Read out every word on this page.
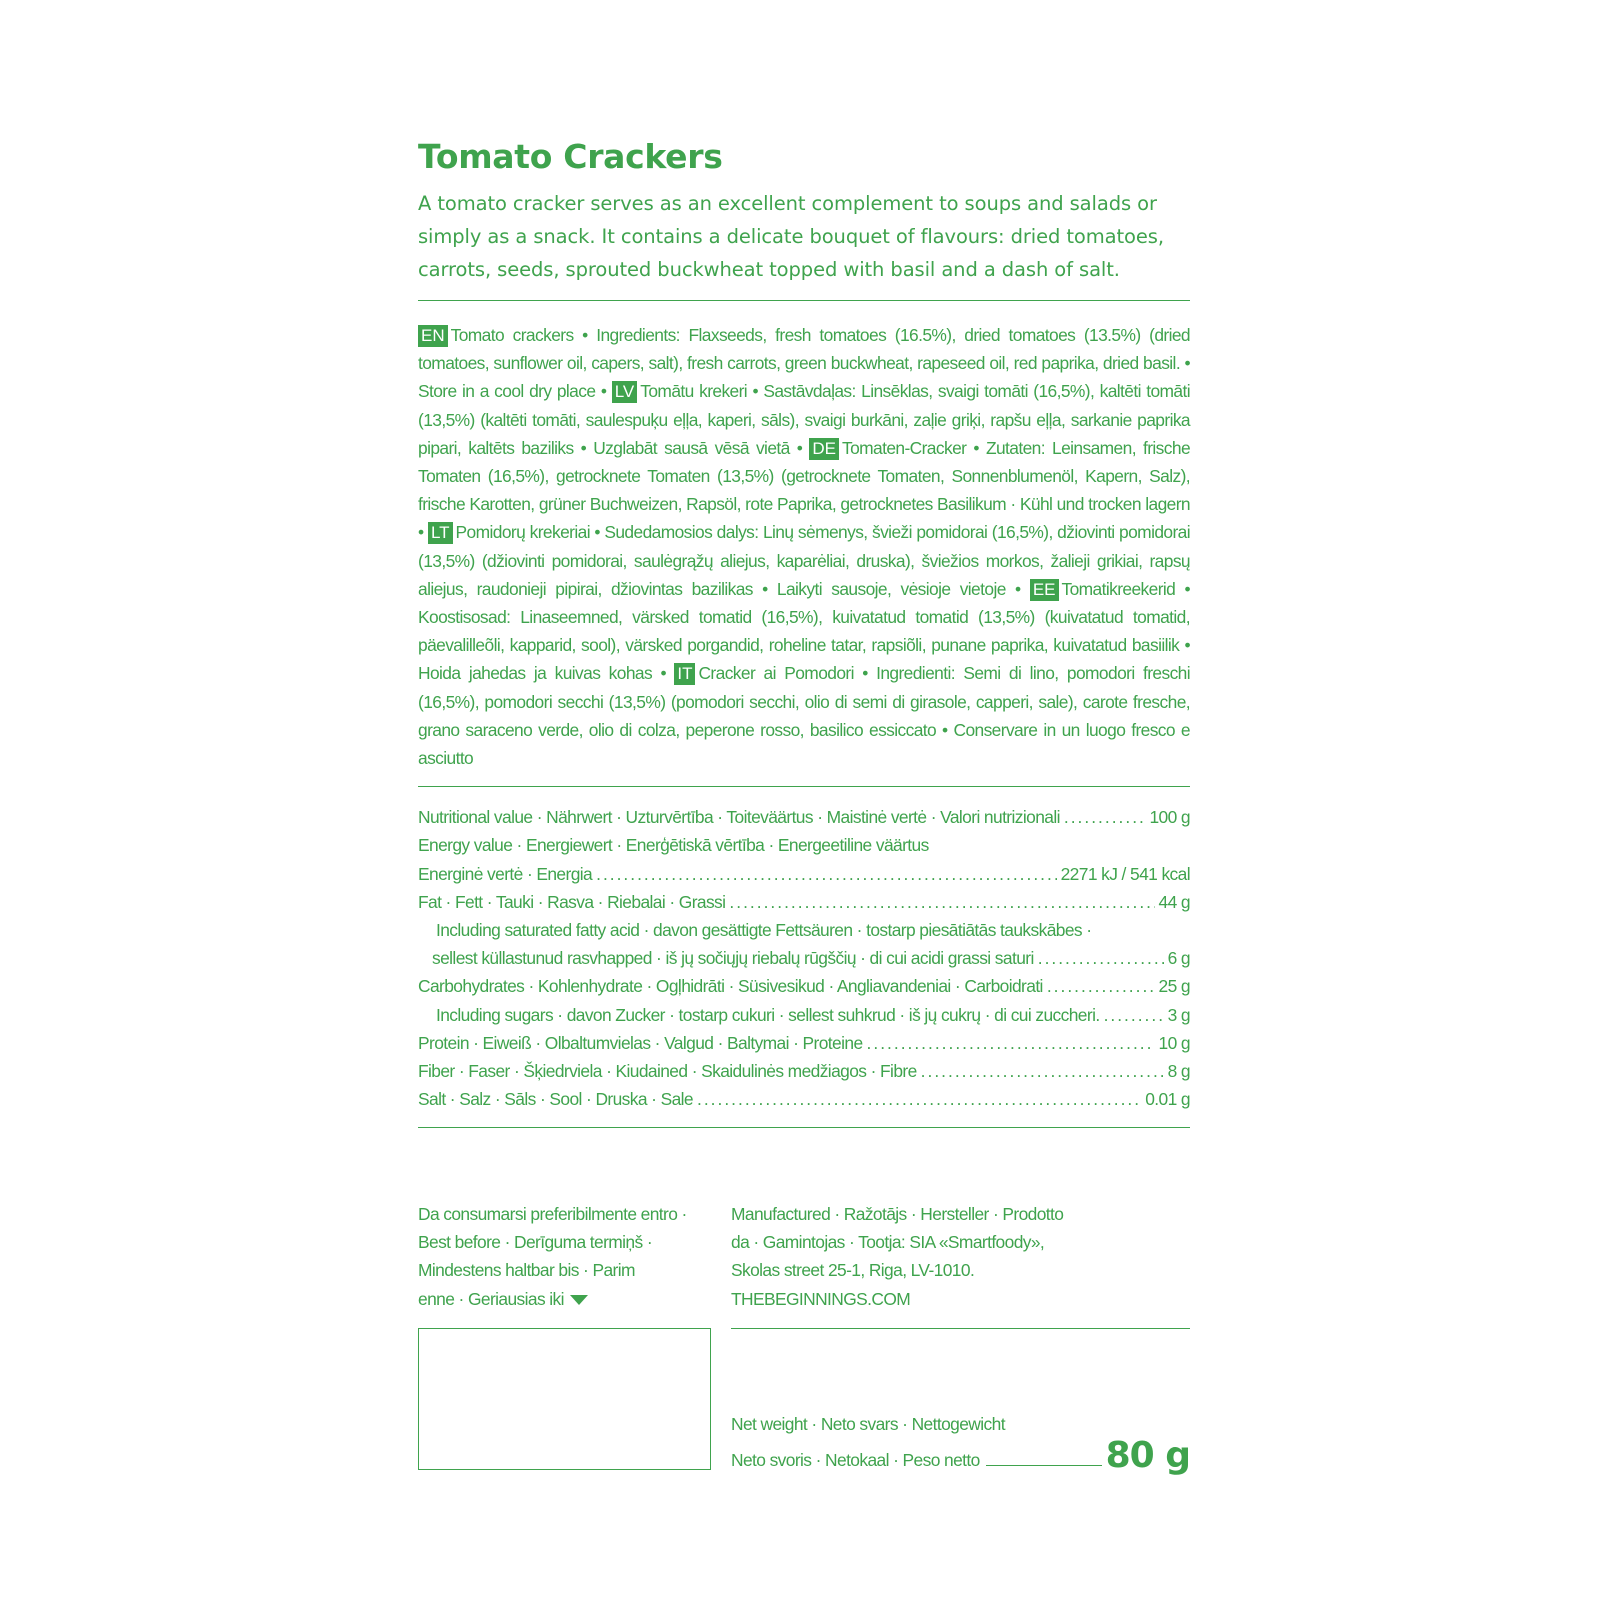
Tomato Crackers

A tomato cracker serves as an excellent complement to soups and salads or simply as a snack. It contains a delicate bouquet of flavours: dried tomatoes, carrots, seeds, sprouted buckwheat topped with basil and a dash of salt.

EN Tomato crackers • Ingredients: Flaxseeds, fresh tomatoes (16.5%), dried tomatoes (13.5%) (dried tomatoes, sunflower oil, capers, salt), fresh carrots, green buckwheat, rapeseed oil, red paprika, dried basil. • Store in a cool dry place • LV Tomātu krekeri • Sastāvdaļas: Linsēklas, svaigi tomāti (16,5%), kaltēti tomāti (13,5%) (kaltēti tomāti, saulespuķu eļļa, kaperi, sāls), svaigi burkāni, zaļie griķi, rapšu eļļa, sarkanie paprika pipari, kaltēts baziliks • Uzglabāt sausā vēsā vietā • DE Tomaten-Cracker • Zutaten: Leinsamen, frische Tomaten (16,5%), getrocknete Tomaten (13,5%) (getrocknete Tomaten, Sonnenblumenöl, Kapern, Salz), frische Karotten, grüner Buchweizen, Rapsöl, rote Paprika, getrocknetes Basilikum · Kühl und trocken lagern • LT Pomidorų krekeriai • Sudedamosios dalys: Linų sėmenys, švieži pomidorai (16,5%), džiovinti pomidorai (13,5%) (džiovinti pomidorai, saulėgrąžų aliejus, kaparėliai, druska), šviežios morkos, žalieji grikiai, rapsų aliejus, raudonieji pipirai, džiovintas bazilikas • Laikyti sausoje, vėsioje vietoje • EE Tomatikreekerid • Koostisosad: Linaseemned, värsked tomatid (16,5%), kuivatatud tomatid (13,5%) (kuivatatud tomatid, päevalilleõli, kapparid, sool), värsked porgandid, roheline tatar, rapsiõli, punane paprika, kuivatatud basiilik • Hoida jahedas ja kuivas kohas • IT Cracker ai Pomodori • Ingredienti: Semi di lino, pomodori freschi (16,5%), pomodori secchi (13,5%) (pomodori secchi, olio di semi di girasole, capperi, sale), carote fresche, grano saraceno verde, olio di colza, peperone rosso, basilico essiccato • Conservare in un luogo fresco e asciutto

Nutritional value · Nährwert · Uzturvērtība · Toiteväärtus · Maistinė vertė · Valori nutrizionali .....	100 g
Energy value · Energiewert · Enerģētiskā vērtība · Energeetiline väärtus
Energinė vertė · Energia .....	2271 kJ / 541 kcal
Fat · Fett · Tauki · Rasva · Riebalai · Grassi .....	44 g
Including saturated fatty acid · davon gesättigte Fettsäuren · tostarp piesātiātās taukskābes ·
sellest küllastunud rasvhapped · iš jų sočiųjų riebalų rūgščių · di cui acidi grassi saturi .....	6 g
Carbohydrates · Kohlenhydrate · Ogļhidrāti · Süsivesikud · Angliavandeniai · Carboidrati .....	25 g
Including sugars · davon Zucker · tostarp cukuri · sellest suhkrud · iš jų cukrų · di cui zuccheri. .....	3 g
Protein · Eiweiß · Olbaltumvielas · Valgud · Baltymai · Proteine .....	10 g
Fiber · Faser · Šķiedrviela · Kiudained · Skaidulinės medžiagos · Fibre .....	8 g
Salt · Salz · Sāls · Sool · Druska · Sale .....	0.01 g
Da consumarsi preferibilmente entro ·
Best before · Derīguma termiņš ·
Mindestens haltbar bis · Parim
enne · Geriausias iki
Manufactured · Ražotājs · Hersteller · Prodotto
da · Gamintojas · Tootja: SIA «Smartfoody»,
Skolas street 25-1, Riga, LV-1010.
THEBEGINNINGS.COM
Net weight · Neto svars · Nettogewicht
Neto svoris · Netokaal · Peso netto	80 g
